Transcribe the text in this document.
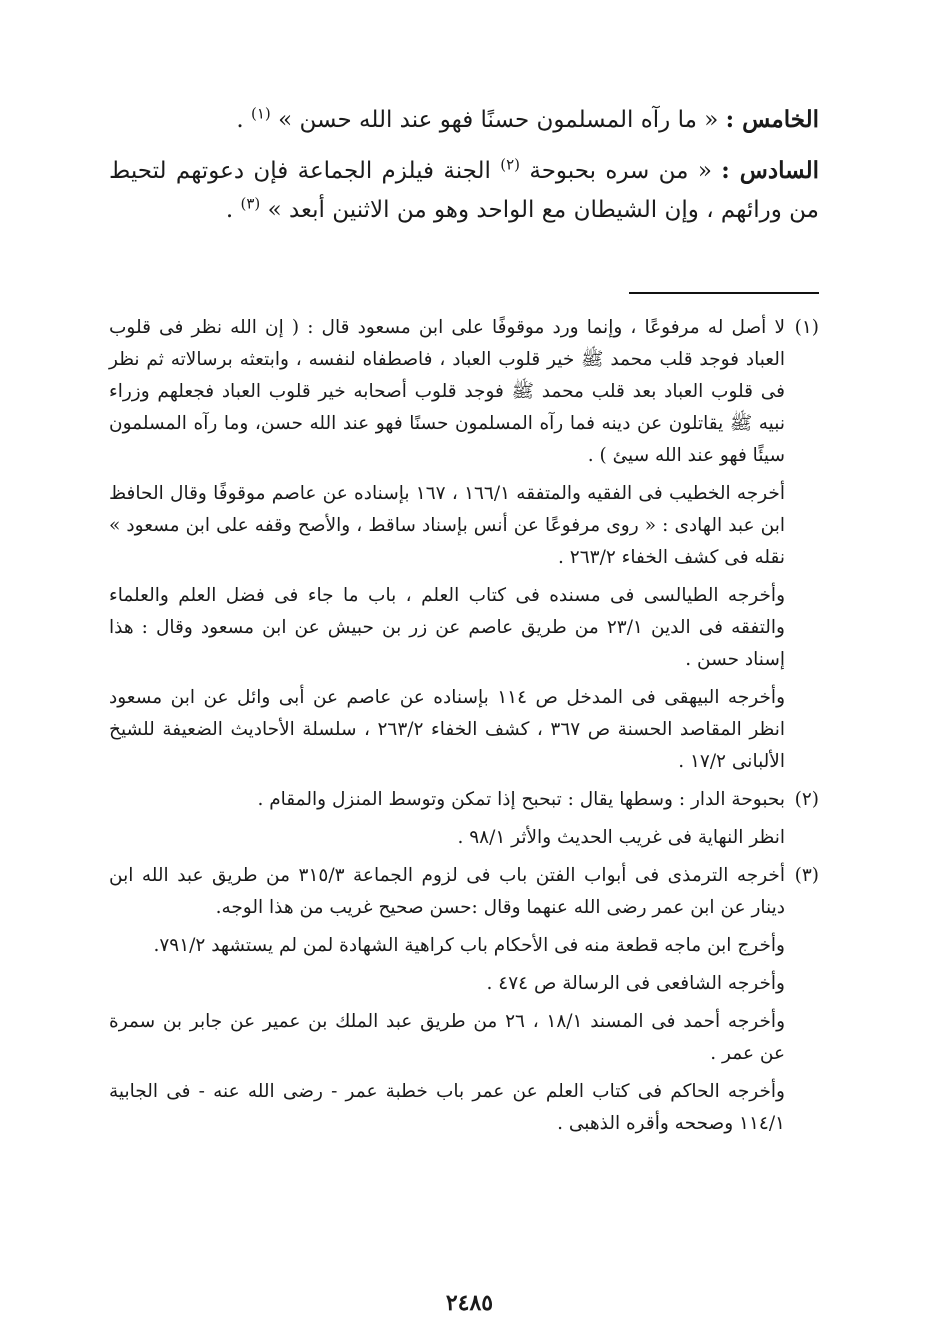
الخامس : « ما رآه المسلمون حسنًا فهو عند الله حسن » $^{(١)}$ .

السادس : « من سره بحبوحة $^{(٢)}$ الجنة فيلزم الجماعة فإن دعوتهم لتحيط من ورائهم ، وإن الشيطان مع الواحد وهو من الاثنين أبعد » $^{(٣)}$ .

(١)

لا أصل له مرفوعًا ، وإنما ورد موقوفًا على ابن مسعود قال : ( إن الله نظر فى قلوب العباد فوجد قلب محمد ﷺ خير قلوب العباد ، فاصطفاه لنفسه ، وابتعثه برسالاته ثم نظر فى قلوب العباد بعد قلب محمد ﷺ فوجد قلوب أصحابه خير قلوب العباد فجعلهم وزراء نبيه ﷺ يقاتلون عن دينه فما رآه المسلمون حسنًا فهو عند الله حسن، وما رآه المسلمون سيئًا فهو عند الله سيئ ) .

أخرجه الخطيب فى الفقيه والمتفقه ١٦٦/١ ، ١٦٧ بإسناده عن عاصم موقوفًا وقال الحافظ ابن عبد الهادى : « روى مرفوعًا عن أنس بإسناد ساقط ، والأصح وقفه على ابن مسعود » نقله فى كشف الخفاء ٢٦٣/٢ .

وأخرجه الطيالسى فى مسنده فى كتاب العلم ، باب ما جاء فى فضل العلم والعلماء والتفقه فى الدين ٢٣/١ من طريق عاصم عن زر بن حبيش عن ابن مسعود وقال : هذا إسناد حسن .

وأخرجه البيهقى فى المدخل ص ١١٤ بإسناده عن عاصم عن أبى وائل عن ابن مسعود انظر المقاصد الحسنة ص ٣٦٧ ، كشف الخفاء ٢٦٣/٢ ، سلسلة الأحاديث الضعيفة للشيخ الألبانى ١٧/٢ .

(٢)

بحبوحة الدار : وسطها يقال : تبحبح إذا تمكن وتوسط المنزل والمقام .

انظر النهاية فى غريب الحديث والأثر ٩٨/١ .

(٣)

أخرجه الترمذى فى أبواب الفتن باب فى لزوم الجماعة ٣١٥/٣ من طريق عبد الله ابن دينار عن ابن عمر رضى الله عنهما وقال :حسن صحيح غريب من هذا الوجه.

وأخرج ابن ماجه قطعة منه فى الأحكام باب كراهية الشهادة لمن لم يستشهد ٧٩١/٢.

وأخرجه الشافعى فى الرسالة ص ٤٧٤ .

وأخرجه أحمد فى المسند ١٨/١ ، ٢٦ من طريق عبد الملك بن عمير عن جابر بن سمرة عن عمر .

وأخرجه الحاكم فى كتاب العلم عن عمر باب خطبة عمر - رضى الله عنه - فى الجابية ١١٤/١ وصححه وأقره الذهبى .

٢٤٨٥
